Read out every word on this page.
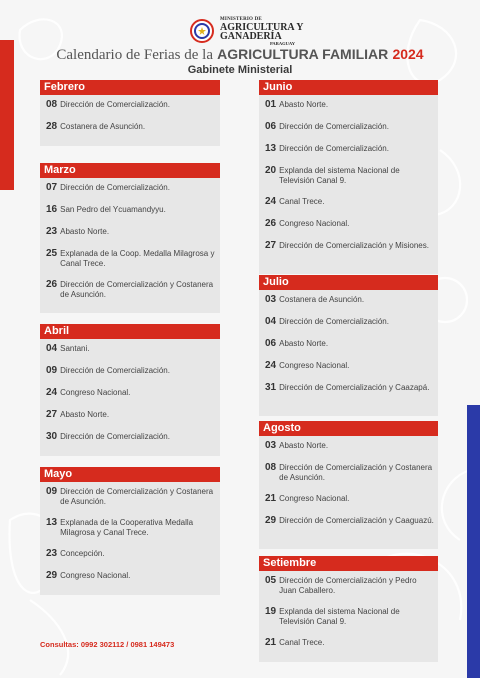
MINISTERIO DE
AGRICULTURA Y
GANADERÍA
PARAGUAY
Calendario de Ferias de la AGRICULTURA FAMILIAR 2024
Gabinete Ministerial
Febrero
08 Dirección de Comercialización.
28 Costanera de Asunción.
Marzo
07 Dirección de Comercialización.
16 San Pedro del Ycuamandyyu.
23 Abasto Norte.
25 Explanada de la Coop. Medalla Milagrosa y Canal Trece.
26 Dirección de Comercialización y Costanera de Asunción.
Abril
04 Santani.
09 Dirección de Comercialización.
24 Congreso Nacional.
27 Abasto Norte.
30 Dirección de Comercialización.
Mayo
09 Dirección de Comercialización y Costanera de Asunción.
13 Explanada de la Cooperativa Medalla Milagrosa y Canal Trece.
23 Concepción.
29 Congreso Nacional.
Junio
01 Abasto Norte.
06 Dirección de Comercialización.
13 Dirección de Comercialización.
20 Explanda del sistema Nacional de Televisión Canal 9.
24 Canal Trece.
26 Congreso Nacional.
27 Dirección de Comercialización y Misiones.
Julio
03 Costanera de Asunción.
04 Dirección de Comercialización.
06 Abasto Norte.
24 Congreso Nacional.
31 Dirección de Comercialización y Caazapá.
Agosto
03 Abasto Norte.
08 Dirección de Comercialización y Costanera de Asunción.
21 Congreso Nacional.
29 Dirección de Comercialización y Caaguazú.
Setiembre
05 Dirección de Comercialización y Pedro Juan Caballero.
19 Explanda del sistema Nacional de Televisión Canal 9.
21 Canal Trece.
Consultas: 0992 302112 / 0981 149473
